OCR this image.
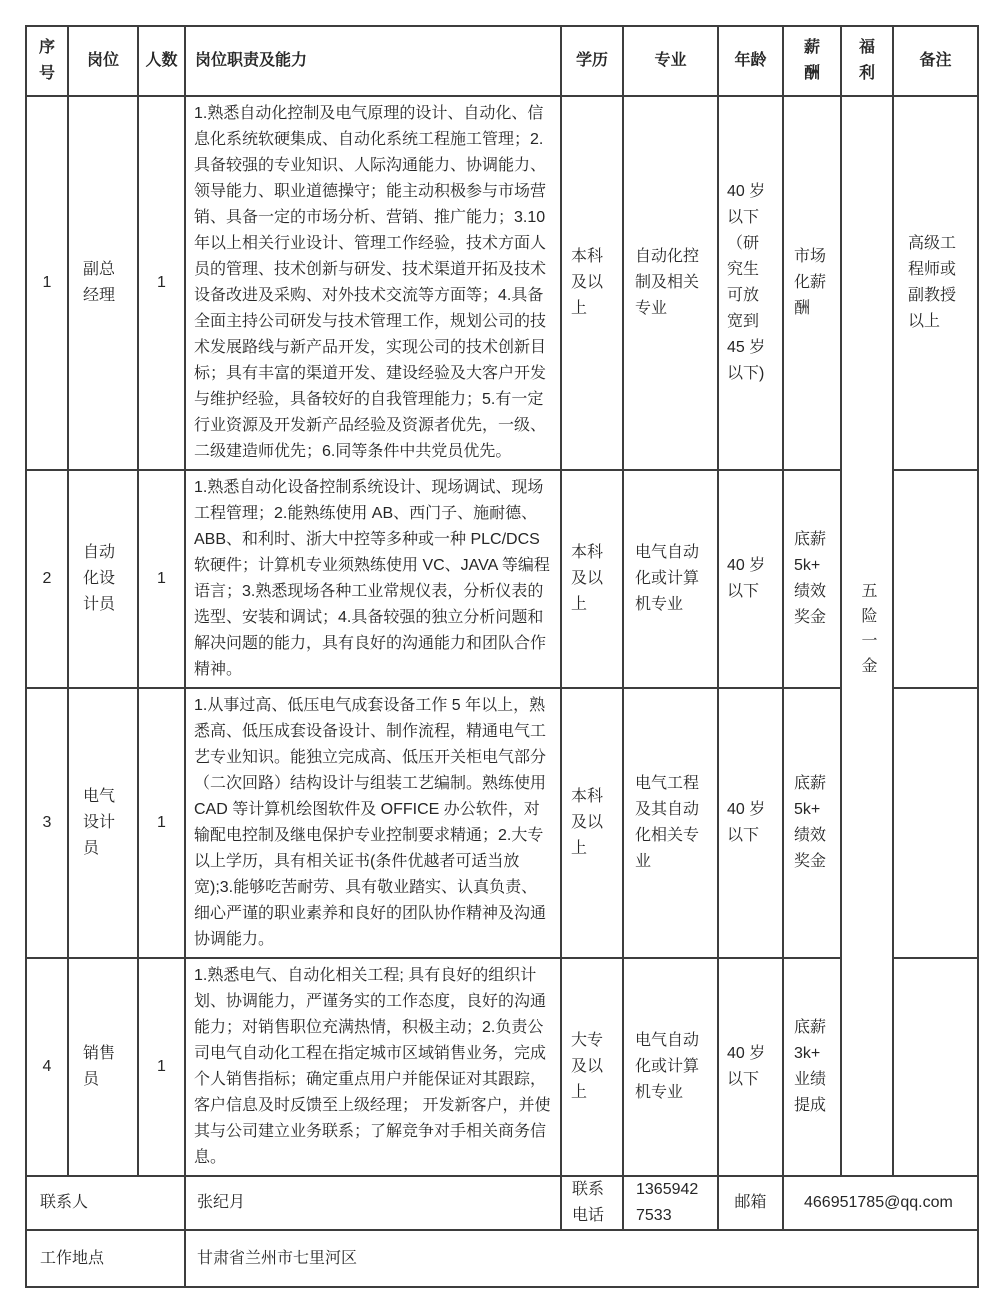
序号	岗位	人数	岗位职责及能力	学历	专业	年龄	薪酬	福利	备注
1	副总经理	1	1.熟悉自动化控制及电气原理的设计、自动化、信息化系统软硬集成、自动化系统工程施工管理；2.具备较强的专业知识、人际沟通能力、协调能力、领导能力、职业道德操守；能主动积极参与市场营销、具备一定的市场分析、营销、推广能力；3.10 年以上相关行业设计、管理工作经验，技术方面人员的管理、技术创新与研发、技术渠道开拓及技术设备改进及采购、对外技术交流等方面等；4.具备全面主持公司研发与技术管理工作，规划公司的技术发展路线与新产品开发，实现公司的技术创新目标；具有丰富的渠道开发、建设经验及大客户开发与维护经验，具备较好的自我管理能力；5.有一定行业资源及开发新产品经验及资源者优先，一级、二级建造师优先；6.同等条件中共党员优先。	本科及以上	自动化控制及相关专业	40 岁以下（研究生可放宽到 45 岁以下)	市场化薪酬	五险一金	高级工程师或副教授以上
2	自动化设计员	1	1.熟悉自动化设备控制系统设计、现场调试、现场工程管理；2.能熟练使用 AB、西门子、施耐德、ABB、和利时、浙大中控等多种或一种 PLC/DCS 软硬件；计算机专业须熟练使用 VC、JAVA 等编程语言；3.熟悉现场各种工业常规仪表，分析仪表的选型、安装和调试；4.具备较强的独立分析问题和解决问题的能力，具有良好的沟通能力和团队合作精神。	本科及以上	电气自动化或计算机专业	40 岁以下	底薪5k+绩效奖金		
3	电气设计员	1	1.从事过高、低压电气成套设备工作 5 年以上，熟悉高、低压成套设备设计、制作流程，精通电气工艺专业知识。能独立完成高、低压开关柜电气部分（二次回路）结构设计与组装工艺编制。熟练使用 CAD 等计算机绘图软件及 OFFICE 办公软件，对输配电控制及继电保护专业控制要求精通；2.大专以上学历，具有相关证书(条件优越者可适当放宽);3.能够吃苦耐劳、具有敬业踏实、认真负责、细心严谨的职业素养和良好的团队协作精神及沟通协调能力。	本科及以上	电气工程及其自动化相关专业	40 岁以下	底薪5k+绩效奖金		
4	销售员	1	1.熟悉电气、自动化相关工程; 具有良好的组织计划、协调能力，严谨务实的工作态度，良好的沟通能力；对销售职位充满热情，积极主动；2.负责公司电气自动化工程在指定城市区域销售业务，完成个人销售指标；确定重点用户并能保证对其跟踪，客户信息及时反馈至上级经理； 开发新客户，并使其与公司建立业务联系；了解竞争对手相关商务信息。	大专及以上	电气自动化或计算机专业	40 岁以下	底薪3k+业绩提成		
联系人			张纪月	联系电话	13659427533	邮箱	466951785@qq.com		
工作地点			甘肃省兰州市七里河区						
